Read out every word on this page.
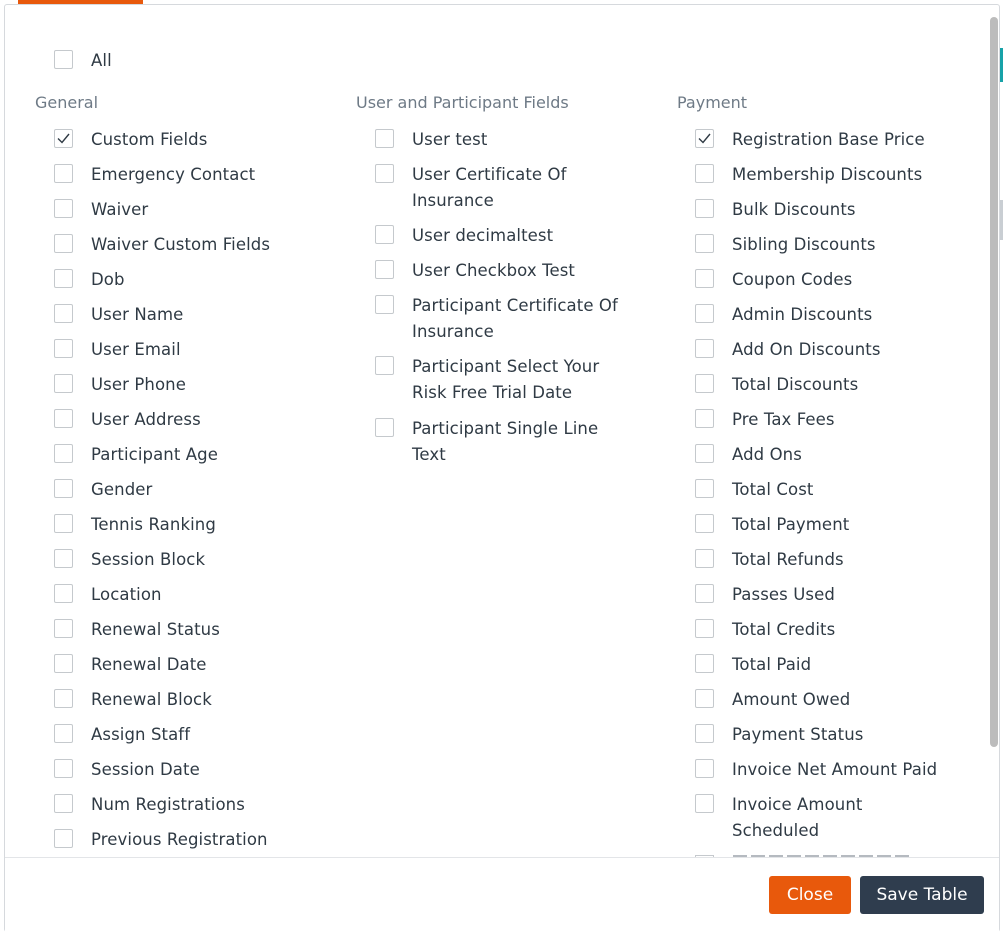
General	User and Participant Fields	Payment
All
Custom Fields
Emergency Contact
Waiver
Waiver Custom Fields
Dob
User Name
User Email
User Phone
User Address
Participant Age
Gender
Tennis Ranking
Session Block
Location
Renewal Status
Renewal Date
Renewal Block
Assign Staff
Session Date
Num Registrations
Previous Registration
User test
User Certificate Of Insurance
User decimaltest
User Checkbox Test
Participant Certificate Of Insurance
Participant Select Your Risk Free Trial Date
Participant Single Line Text
Registration Base Price
Membership Discounts
Bulk Discounts
Sibling Discounts
Coupon Codes
Admin Discounts
Add On Discounts
Total Discounts
Pre Tax Fees
Add Ons
Total Cost
Total Payment
Total Refunds
Passes Used
Total Credits
Total Paid
Amount Owed
Payment Status
Invoice Net Amount Paid
Invoice Amount Scheduled
Close	Save Table
